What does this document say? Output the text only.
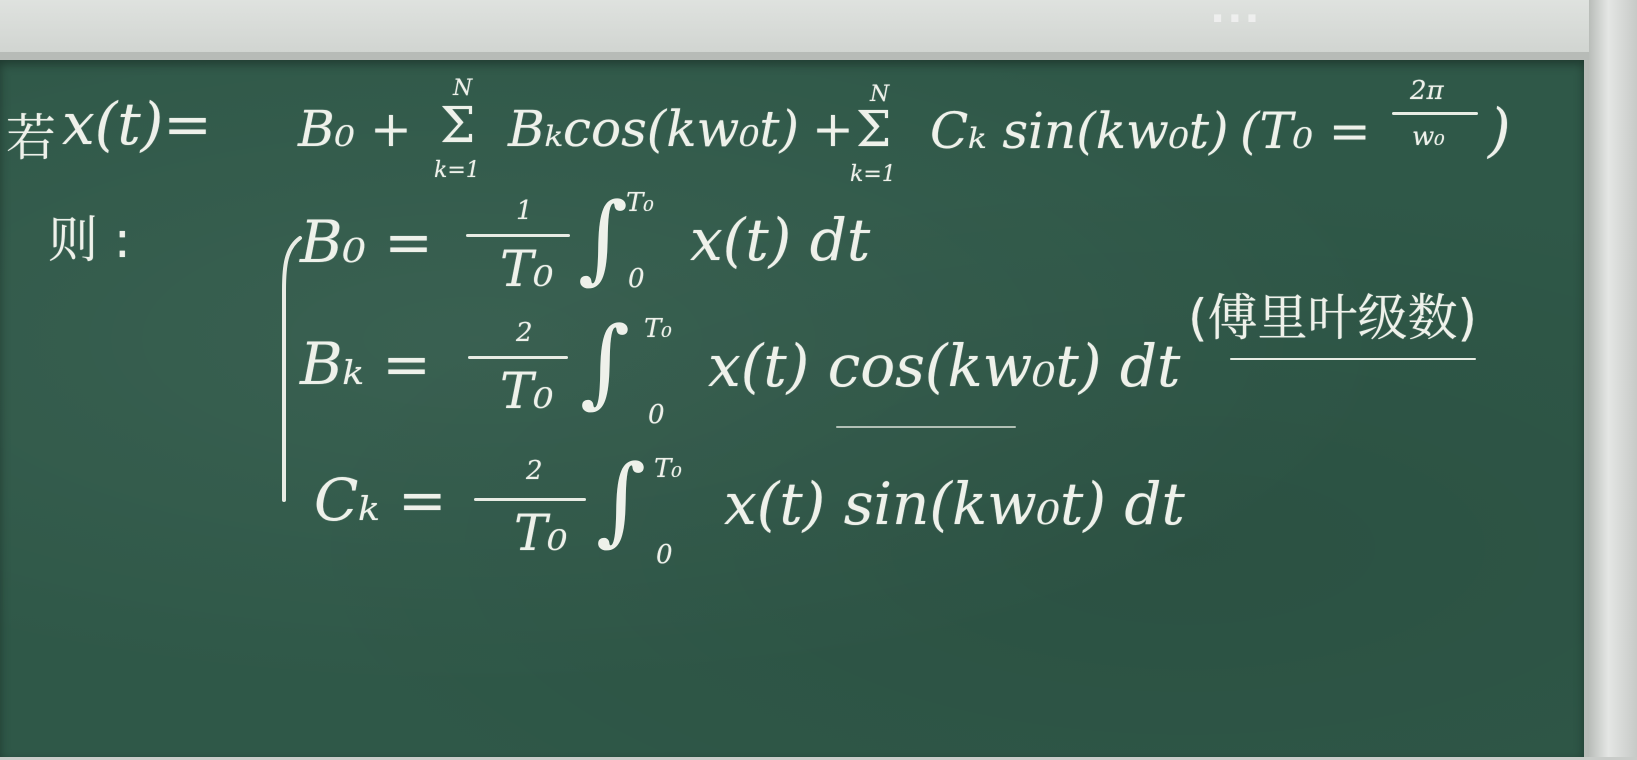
...
若 x(t)= B₀ +
N
Σ
k=1
Bₖcos(kw₀t) +
N
Σ
k=1
Cₖ sin(kw₀t) (T₀ =
2π
w₀ )
则 :	B₀ =	1
T₀ ∫
T₀
0
x(t) dt
Bₖ =	2
T₀ ∫ T₀
0
x(t) cos(kw₀t) dt
Cₖ =	2
T₀ ∫ T₀
0
x(t) sin(kw₀t) dt
(傅里叶级数)
